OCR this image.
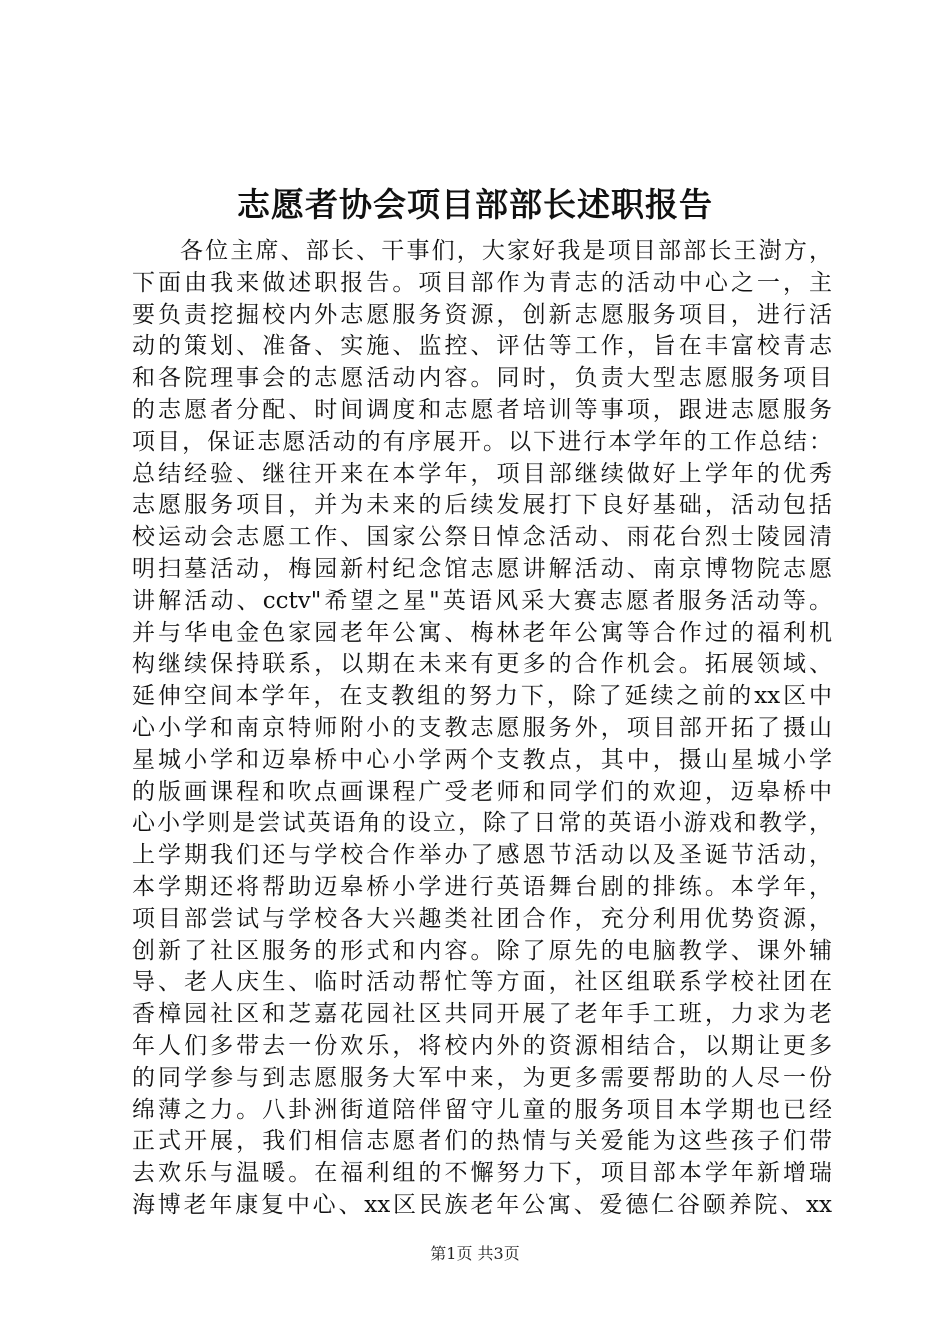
志愿者协会项目部部长述职报告
各位主席、部长、干事们，大家好我是项目部部长王澍方，
下面由我来做述职报告。项目部作为青志的活动中心之一，主
要负责挖掘校内外志愿服务资源，创新志愿服务项目，进行活
动的策划、准备、实施、监控、评估等工作，旨在丰富校青志
和各院理事会的志愿活动内容。同时，负责大型志愿服务项目
的志愿者分配、时间调度和志愿者培训等事项，跟进志愿服务
项目，保证志愿活动的有序展开。以下进行本学年的工作总结：
总结经验、继往开来在本学年，项目部继续做好上学年的优秀
志愿服务项目，并为未来的后续发展打下良好基础，活动包括
校运动会志愿工作、国家公祭日悼念活动、雨花台烈士陵园清
明扫墓活动，梅园新村纪念馆志愿讲解活动、南京博物院志愿
讲解活动、cctv"希望之星"英语风采大赛志愿者服务活动等。
并与华电金色家园老年公寓、梅林老年公寓等合作过的福利机
构继续保持联系，以期在未来有更多的合作机会。拓展领域、
延伸空间本学年，在支教组的努力下，除了延续之前的xx区中
心小学和南京特师附小的支教志愿服务外，项目部开拓了摄山
星城小学和迈皋桥中心小学两个支教点，其中，摄山星城小学
的版画课程和吹点画课程广受老师和同学们的欢迎，迈皋桥中
心小学则是尝试英语角的设立，除了日常的英语小游戏和教学，
上学期我们还与学校合作举办了感恩节活动以及圣诞节活动，
本学期还将帮助迈皋桥小学进行英语舞台剧的排练。本学年，
项目部尝试与学校各大兴趣类社团合作，充分利用优势资源，
创新了社区服务的形式和内容。除了原先的电脑教学、课外辅
导、老人庆生、临时活动帮忙等方面，社区组联系学校社团在
香樟园社区和芝嘉花园社区共同开展了老年手工班，力求为老
年人们多带去一份欢乐，将校内外的资源相结合，以期让更多
的同学参与到志愿服务大军中来，为更多需要帮助的人尽一份
绵薄之力。八卦洲街道陪伴留守儿童的服务项目本学期也已经
正式开展，我们相信志愿者们的热情与关爱能为这些孩子们带
去欢乐与温暖。在福利组的不懈努力下，项目部本学年新增瑞
海博老年康复中心、xx区民族老年公寓、爱德仁谷颐养院、xx
第1页 共3页
